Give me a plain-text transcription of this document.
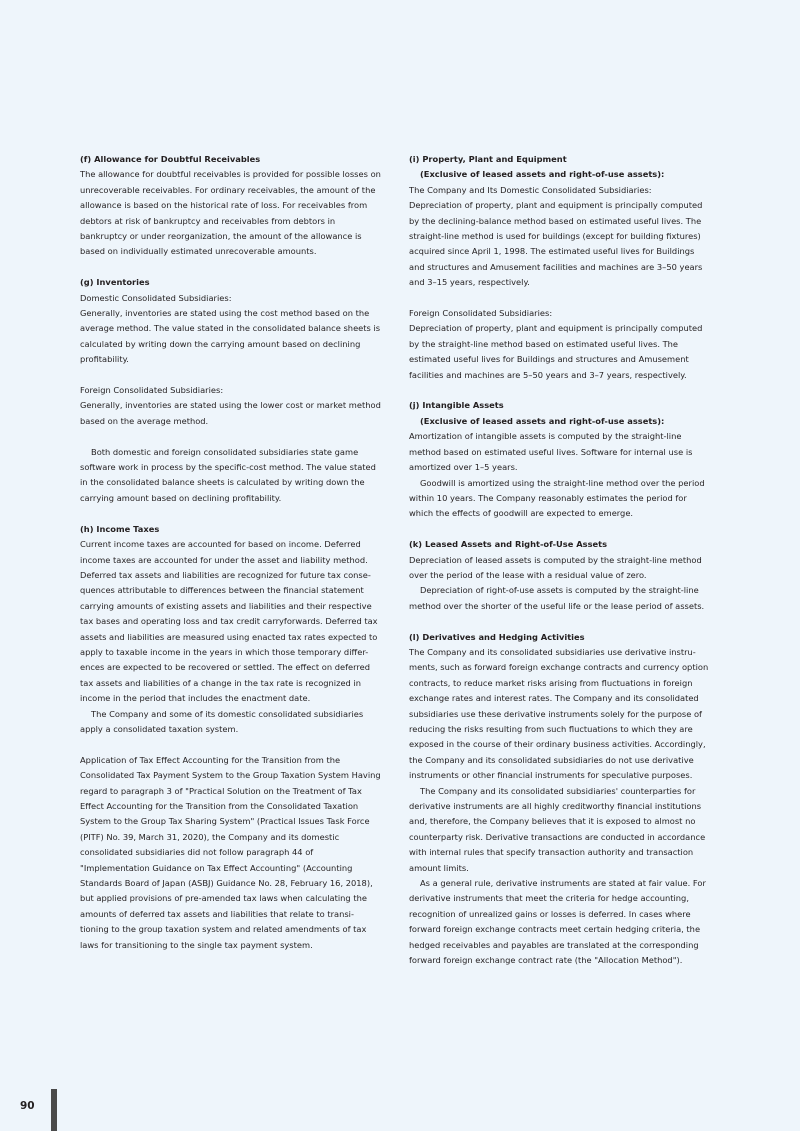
(f) Allowance for Doubtful Receivables

The allowance for doubtful receivables is provided for possible losses on unrecoverable receivables. For ordinary receivables, the amount of the allowance is based on the historical rate of loss. For receivables from debtors at risk of bankruptcy and receivables from debtors in bankruptcy or under reorganization, the amount of the allowance is based on individually estimated unrecoverable amounts.

(g) Inventories

Domestic Consolidated Subsidiaries:

Generally, inventories are stated using the cost method based on the average method. The value stated in the consolidated balance sheets is calculated by writing down the carrying amount based on declining profitability.

Foreign Consolidated Subsidiaries:

Generally, inventories are stated using the lower cost or market method based on the average method.

Both domestic and foreign consolidated subsidiaries state game software work in process by the specific-cost method. The value stated in the consolidated balance sheets is calculated by writing down the carrying amount based on declining profitability.

(h) Income Taxes

Current income taxes are accounted for based on income. Deferred income taxes are accounted for under the asset and liability method. Deferred tax assets and liabilities are recognized for future tax conse-quences attributable to differences between the financial statement carrying amounts of existing assets and liabilities and their respective tax bases and operating loss and tax credit carryforwards. Deferred tax assets and liabilities are measured using enacted tax rates expected to apply to taxable income in the years in which those temporary differ-ences are expected to be recovered or settled. The effect on deferred tax assets and liabilities of a change in the tax rate is recognized in income in the period that includes the enactment date.

The Company and some of its domestic consolidated subsidiaries apply a consolidated taxation system.

Application of Tax Effect Accounting for the Transition from the Consolidated Tax Payment System to the Group Taxation System Having regard to paragraph 3 of "Practical Solution on the Treatment of Tax Effect Accounting for the Transition from the Consolidated Taxation System to the Group Tax Sharing System" (Practical Issues Task Force (PITF) No. 39, March 31, 2020), the Company and its domestic consolidated subsidiaries did not follow paragraph 44 of "Implementation Guidance on Tax Effect Accounting" (Accounting Standards Board of Japan (ASBJ) Guidance No. 28, February 16, 2018), but applied provisions of pre-amended tax laws when calculating the amounts of deferred tax assets and liabilities that relate to transi-tioning to the group taxation system and related amendments of tax laws for transitioning to the single tax payment system.

(i) Property, Plant and Equipment

(Exclusive of leased assets and right-of-use assets):

The Company and Its Domestic Consolidated Subsidiaries:

Depreciation of property, plant and equipment is principally computed by the declining-balance method based on estimated useful lives. The straight-line method is used for buildings (except for building fixtures) acquired since April 1, 1998. The estimated useful lives for Buildings and structures and Amusement facilities and machines are 3–50 years and 3–15 years, respectively.

Foreign Consolidated Subsidiaries:

Depreciation of property, plant and equipment is principally computed by the straight-line method based on estimated useful lives. The estimated useful lives for Buildings and structures and Amusement facilities and machines are 5–50 years and 3–7 years, respectively.

(j) Intangible Assets

(Exclusive of leased assets and right-of-use assets):

Amortization of intangible assets is computed by the straight-line method based on estimated useful lives. Software for internal use is amortized over 1–5 years.

Goodwill is amortized using the straight-line method over the period within 10 years. The Company reasonably estimates the period for which the effects of goodwill are expected to emerge.

(k) Leased Assets and Right-of-Use Assets

Depreciation of leased assets is computed by the straight-line method over the period of the lease with a residual value of zero.

Depreciation of right-of-use assets is computed by the straight-line method over the shorter of the useful life or the lease period of assets.

(l) Derivatives and Hedging Activities

The Company and its consolidated subsidiaries use derivative instru-ments, such as forward foreign exchange contracts and currency option contracts, to reduce market risks arising from fluctuations in foreign exchange rates and interest rates. The Company and its consolidated subsidiaries use these derivative instruments solely for the purpose of reducing the risks resulting from such fluctuations to which they are exposed in the course of their ordinary business activities. Accordingly, the Company and its consolidated subsidiaries do not use derivative instruments or other financial instruments for speculative purposes.

The Company and its consolidated subsidiaries' counterparties for derivative instruments are all highly creditworthy financial institutions and, therefore, the Company believes that it is exposed to almost no counterparty risk. Derivative transactions are conducted in accordance with internal rules that specify transaction authority and transaction amount limits.

As a general rule, derivative instruments are stated at fair value. For derivative instruments that meet the criteria for hedge accounting, recognition of unrealized gains or losses is deferred. In cases where forward foreign exchange contracts meet certain hedging criteria, the hedged receivables and payables are translated at the corresponding forward foreign exchange contract rate (the "Allocation Method").

90
